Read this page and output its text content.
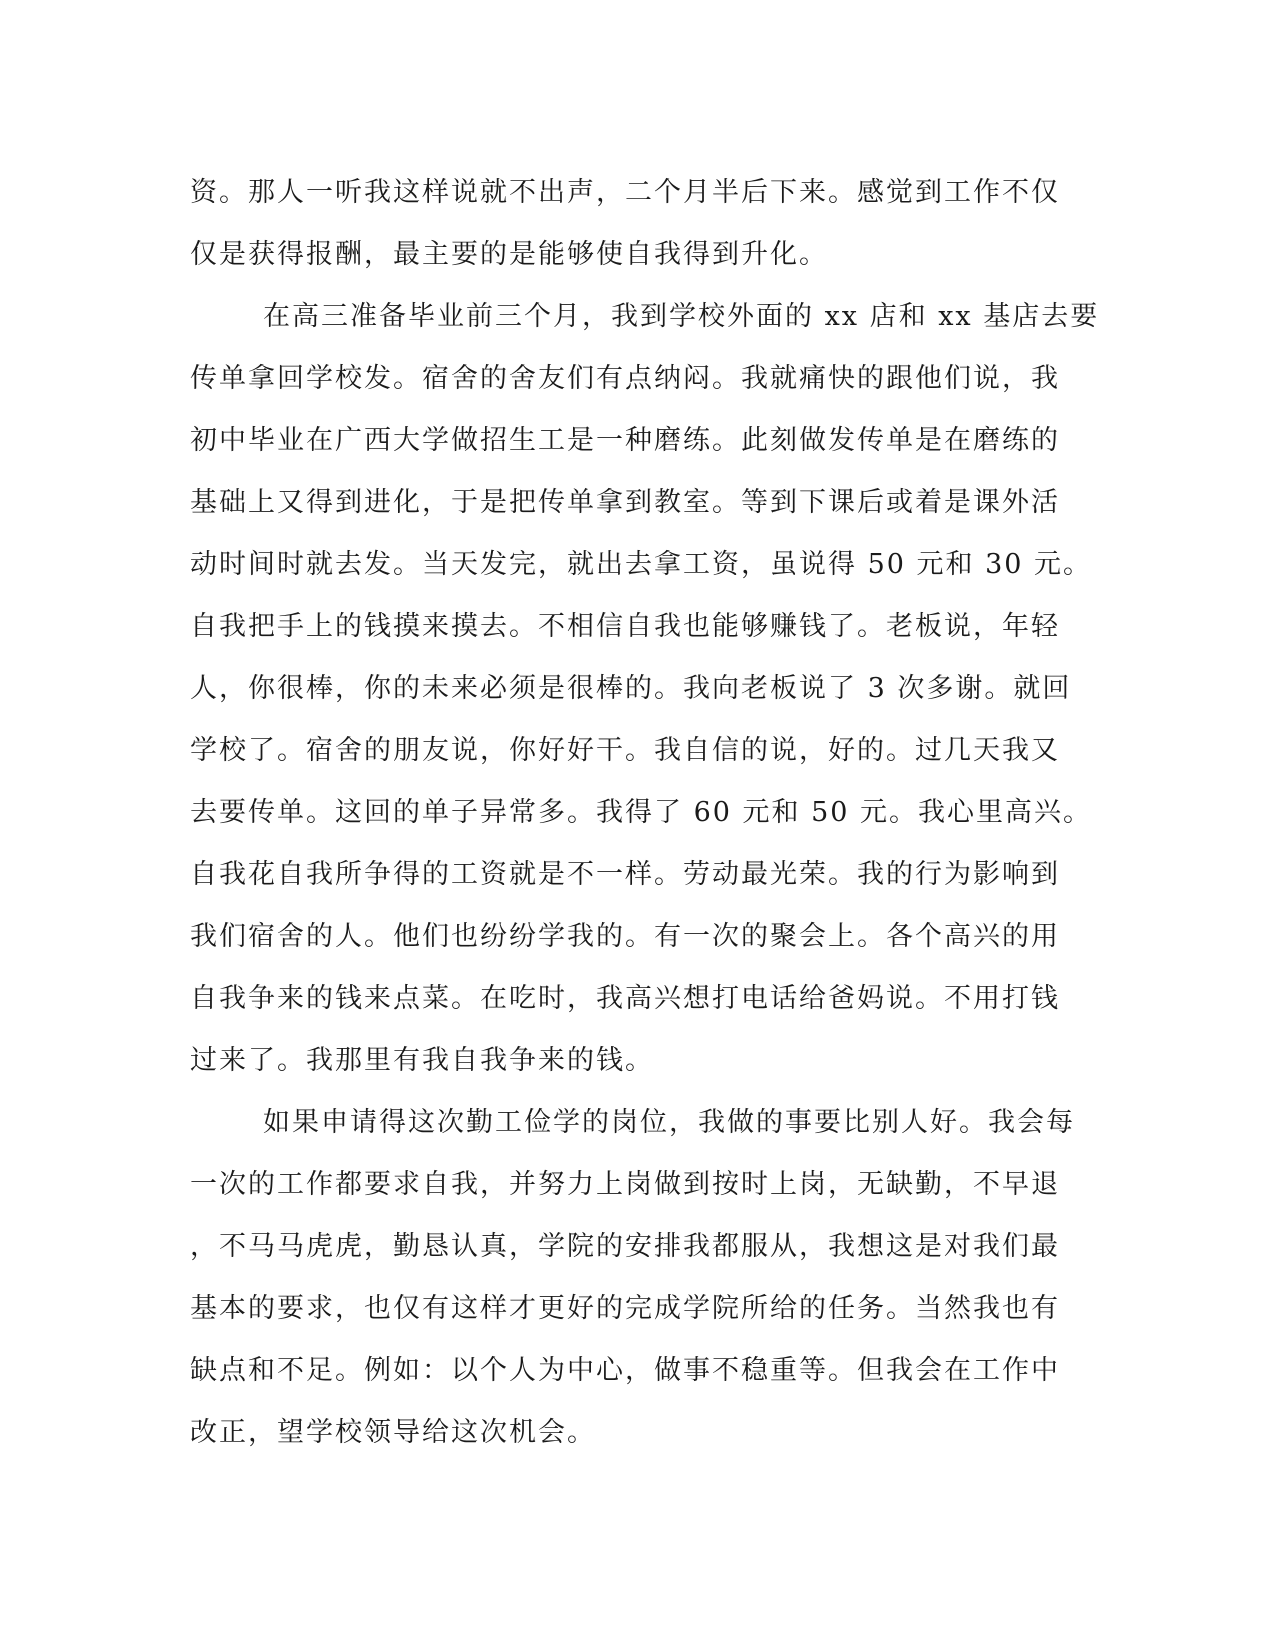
资。那人一听我这样说就不出声，二个月半后下来。感觉到工作不仅
仅是获得报酬，最主要的是能够使自我得到升化。
在高三准备毕业前三个月，我到学校外面的 xx 店和 xx 基店去要
传单拿回学校发。宿舍的舍友们有点纳闷。我就痛快的跟他们说，我
初中毕业在广西大学做招生工是一种磨练。此刻做发传单是在磨练的
基础上又得到进化，于是把传单拿到教室。等到下课后或着是课外活
动时间时就去发。当天发完，就出去拿工资，虽说得 50 元和 30 元。
自我把手上的钱摸来摸去。不相信自我也能够赚钱了。老板说，年轻
人，你很棒，你的未来必须是很棒的。我向老板说了 3 次多谢。就回
学校了。宿舍的朋友说，你好好干。我自信的说，好的。过几天我又
去要传单。这回的单子异常多。我得了 60 元和 50 元。我心里高兴。
自我花自我所争得的工资就是不一样。劳动最光荣。我的行为影响到
我们宿舍的人。他们也纷纷学我的。有一次的聚会上。各个高兴的用
自我争来的钱来点菜。在吃时，我高兴想打电话给爸妈说。不用打钱
过来了。我那里有我自我争来的钱。
如果申请得这次勤工俭学的岗位，我做的事要比别人好。我会每
一次的工作都要求自我，并努力上岗做到按时上岗，无缺勤，不早退
，不马马虎虎，勤恳认真，学院的安排我都服从，我想这是对我们最
基本的要求，也仅有这样才更好的完成学院所给的任务。当然我也有
缺点和不足。例如：以个人为中心，做事不稳重等。但我会在工作中
改正，望学校领导给这次机会。
